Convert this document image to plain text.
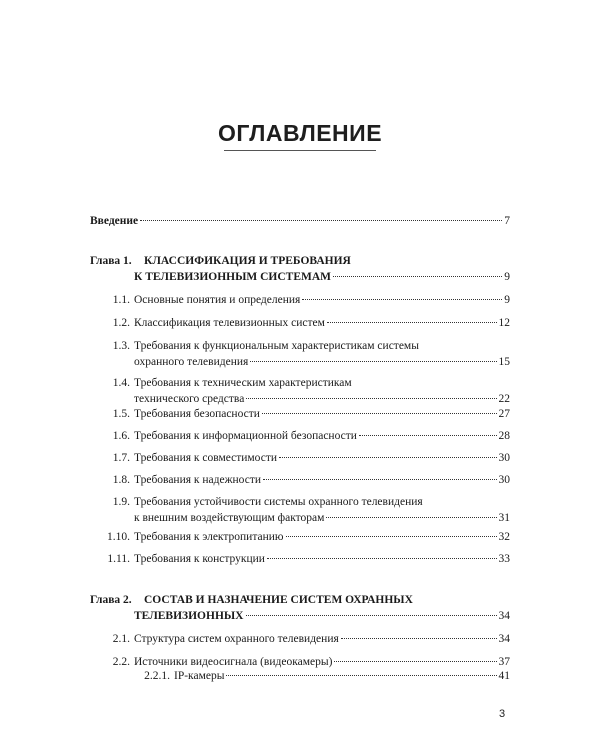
ОГЛАВЛЕНИЕ
Введение	7
Глава 1.	КЛАССИФИКАЦИЯ И ТРЕБОВАНИЯ
К ТЕЛЕВИЗИОННЫМ СИСТЕМАМ	9
1.1. Основные понятия и определения	9
1.2. Классификация телевизионных систем	12
1.3. Требования к функциональным характеристикам системы
охранного телевидения	15
1.4. Требования к техническим характеристикам
технического средства	22
1.5. Требования безопасности	27
1.6. Требования к информационной безопасности	28
1.7. Требования к совместимости	30
1.8. Требования к надежности	30
1.9. Требования устойчивости системы охранного телевидения
к внешним воздействующим факторам	31
1.10. Требования к электропитанию	32
1.11. Требования к конструкции	33
Глава 2.	СОСТАВ И НАЗНАЧЕНИЕ СИСТЕМ ОХРАННЫХ
ТЕЛЕВИЗИОННЫХ	34
2.1. Структура систем охранного телевидения	34
2.2. Источники видеосигнала (видеокамеры)	37
2.2.1. IP-камеры	41
3
